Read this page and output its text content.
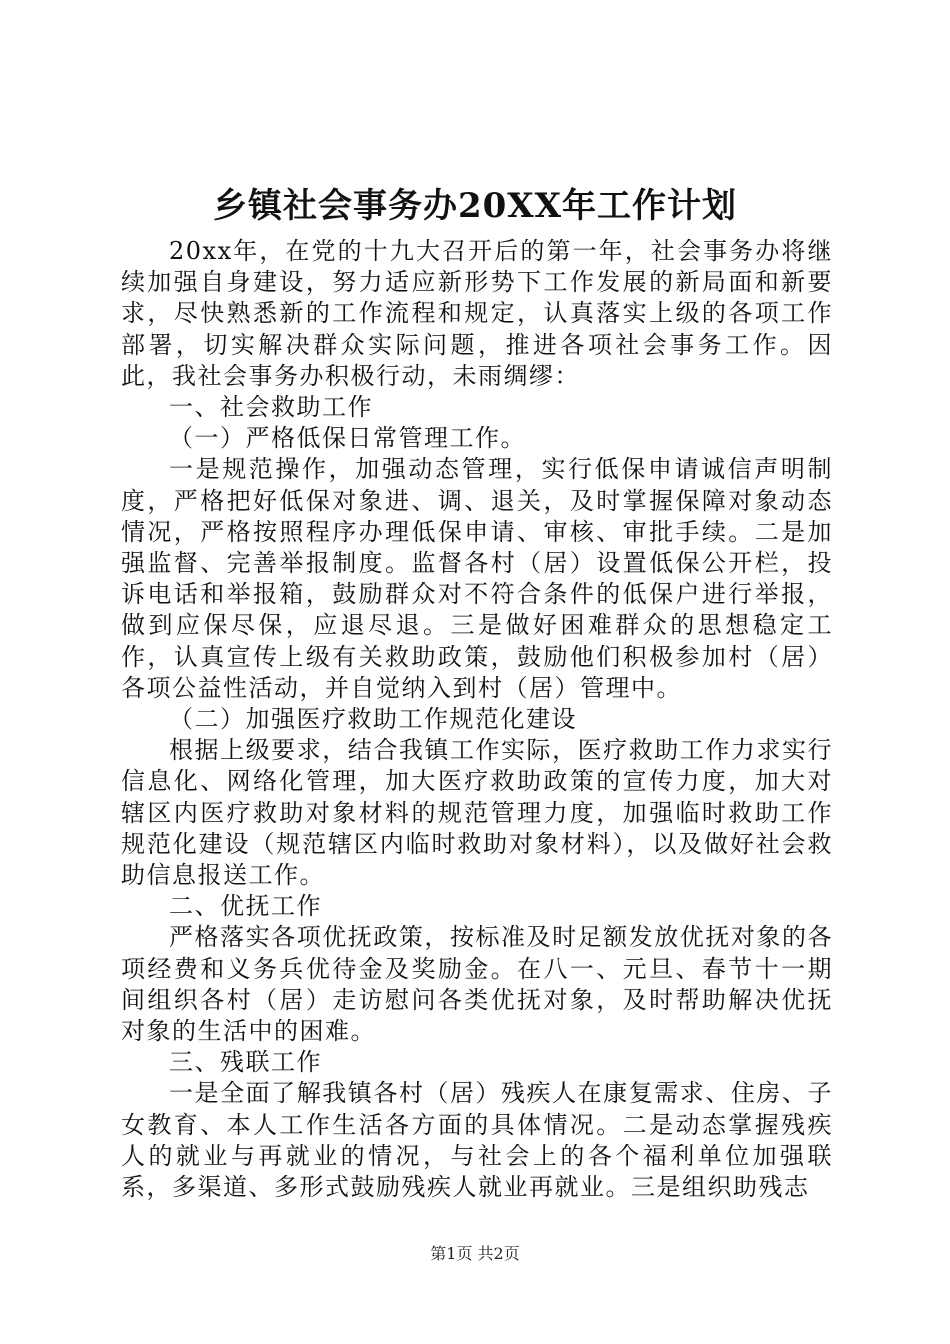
乡镇社会事务办20XX年工作计划

20xx年，在党的十九大召开后的第一年，社会事务办将继续加强自身建设，努力适应新形势下工作发展的新局面和新要求，尽快熟悉新的工作流程和规定，认真落实上级的各项工作部署，切实解决群众实际问题，推进各项社会事务工作。因此，我社会事务办积极行动，未雨绸缪：

一、社会救助工作

（一）严格低保日常管理工作。

一是规范操作，加强动态管理，实行低保申请诚信声明制度，严格把好低保对象进、调、退关，及时掌握保障对象动态情况，严格按照程序办理低保申请、审核、审批手续。二是加强监督、完善举报制度。监督各村（居）设置低保公开栏，投诉电话和举报箱，鼓励群众对不符合条件的低保户进行举报，做到应保尽保，应退尽退。三是做好困难群众的思想稳定工作，认真宣传上级有关救助政策，鼓励他们积极参加村（居）各项公益性活动，并自觉纳入到村（居）管理中。

（二）加强医疗救助工作规范化建设

根据上级要求，结合我镇工作实际，医疗救助工作力求实行信息化、网络化管理，加大医疗救助政策的宣传力度，加大对辖区内医疗救助对象材料的规范管理力度，加强临时救助工作规范化建设（规范辖区内临时救助对象材料），以及做好社会救助信息报送工作。

二、优抚工作

严格落实各项优抚政策，按标准及时足额发放优抚对象的各项经费和义务兵优待金及奖励金。在八一、元旦、春节十一期间组织各村（居）走访慰问各类优抚对象，及时帮助解决优抚对象的生活中的困难。

三、残联工作

一是全面了解我镇各村（居）残疾人在康复需求、住房、子女教育、本人工作生活各方面的具体情况。二是动态掌握残疾人的就业与再就业的情况，与社会上的各个福利单位加强联系，多渠道、多形式鼓励残疾人就业再就业。三是组织助残志

第1页 共2页
